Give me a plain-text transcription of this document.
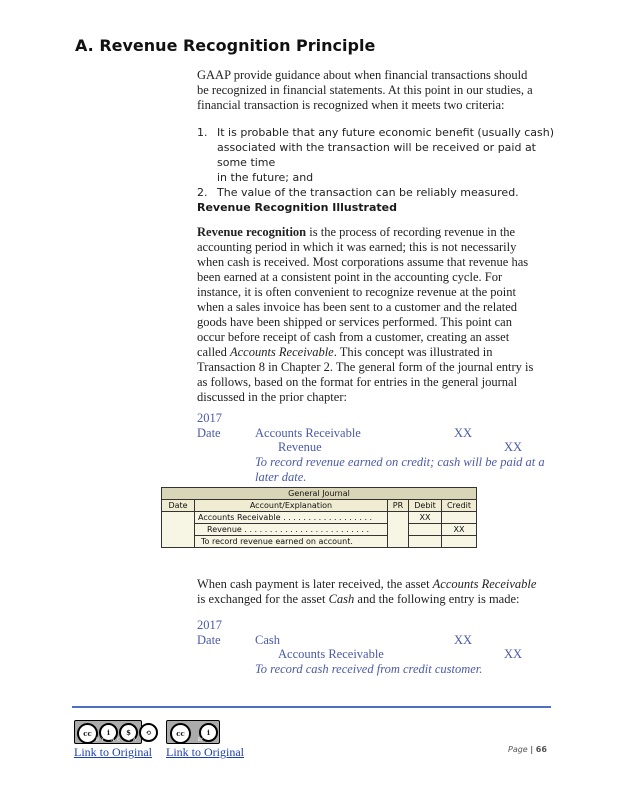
A. Revenue Recognition Principle
GAAP provide guidance about when financial transactions should
be recognized in financial statements. At this point in our studies, a
financial transaction is recognized when it meets two criteria:
1. It is probable that any future economic benefit (usually cash)
associated with the transaction will be received or paid at some time
in the future; and
2. The value of the transaction can be reliably measured.
Revenue Recognition Illustrated
Revenue recognition is the process of recording revenue in the
accounting period in which it was earned; this is not necessarily
when cash is received. Most corporations assume that revenue has
been earned at a consistent point in the accounting cycle. For
instance, it is often convenient to recognize revenue at the point
when a sales invoice has been sent to a customer and the related
goods have been shipped or services performed. This point can
occur before receipt of cash from a customer, creating an asset
called Accounts Receivable. This concept was illustrated in
Transaction 8 in Chapter 2. The general form of the journal entry is
as follows, based on the format for entries in the general journal
discussed in the prior chapter:
2017
Date	Accounts Receivable	XX
Revenue	XX
To record revenue earned on credit; cash will be paid at a
later date.
General Journal				
Date	Account/Explanation	PR	Debit	Credit
	Accounts Receivable . . . . . . . . . . . . . . . . . .		XX	
	Revenue . . . . . . . . . . . . . . . . . . . . . . . . .			XX
	To record revenue earned on account.			
When cash payment is later received, the asset Accounts Receivable
is exchanged for the asset Cash and the following entry is made:
2017
Date	Cash	XX
Accounts Receivable	XX
To record cash received from credit customer.
cc	i	$	⟲
BY NC SA
cc	i
BY
Link to Original Link to Original	Page | 66
